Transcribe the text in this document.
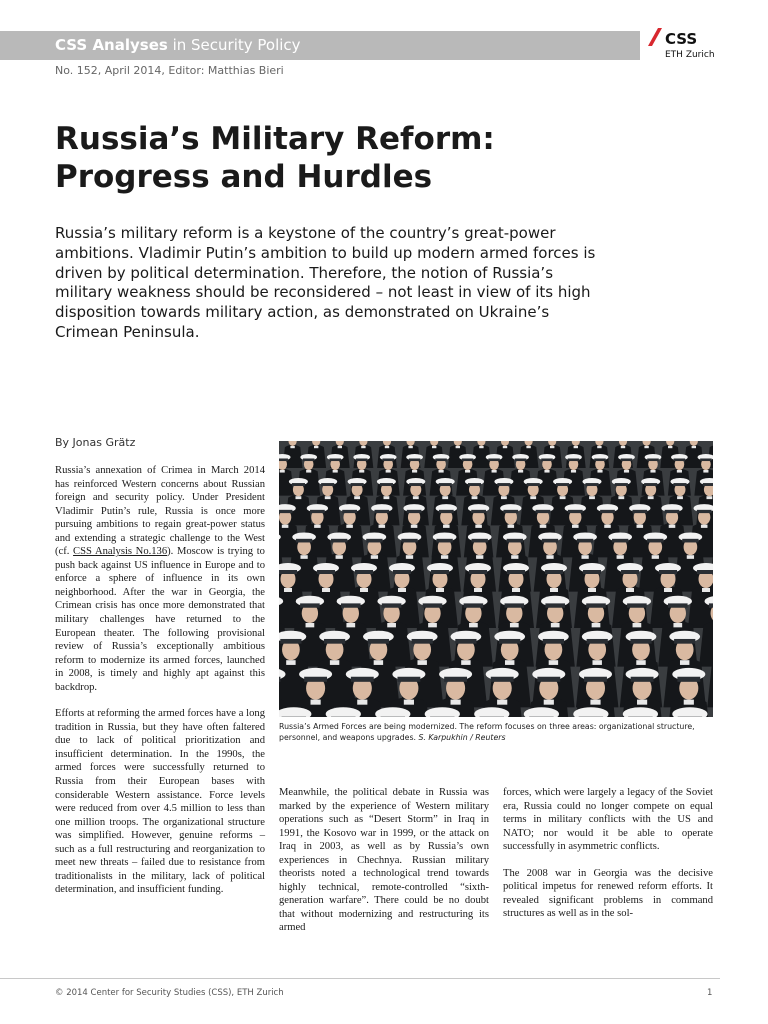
CSS Analyses in Security Policy	CSS
ETH Zurich
No. 152, April 2014, Editor: Matthias Bieri
Russia’s Military Reform:
Progress and Hurdles

Russia’s military reform is a keystone of the country’s great-power ambitions. Vladimir Putin’s ambition to build up modern armed forces is driven by political determination. Therefore, the notion of Russia’s military weakness should be reconsidered – not least in view of its high disposition towards military action, as demonstrated on Ukraine’s Crimean Peninsula.

By Jonas Grätz

Russia’s annexation of Crimea in March 2014 has reinforced Western concerns about Russian foreign and security policy. Under President Vladimir Putin’s rule, Russia is once more pursuing ambitions to regain great-power status and extending a strategic challenge to the West (cf. CSS Analysis No.136). Moscow is trying to push back against US influence in Europe and to enforce a sphere of influence in its own neighborhood. After the war in Georgia, the Crimean crisis has once more demonstrated that military challenges have returned to the European theater. The following provisional review of Russia’s exceptionally ambitious reform to modernize its armed forces, launched in 2008, is timely and highly apt against this backdrop.

Efforts at reforming the armed forces have a long tradition in Russia, but they have often faltered due to lack of political prioritization and insufficient determination. In the 1990s, the armed forces were successfully returned to Russia from their European bases with considerable Western assistance. Force levels were reduced from over 4.5 million to less than one million troops. The organizational structure was simplified. However, genuine reforms – such as a full restructuring and reorganization to meet new threats – failed due to resistance from traditionalists in the military, lack of political determination, and insufficient funding.

Russia’s Armed Forces are being modernized. The reform focuses on three areas: organizational structure, personnel, and weapons upgrades. S. Karpukhin / Reuters

Meanwhile, the political debate in Russia was marked by the experience of Western military operations such as “Desert Storm” in Iraq in 1991, the Kosovo war in 1999, or the attack on Iraq in 2003, as well as by Russia’s own experiences in Chechnya. Russian military theorists noted a technological trend towards highly technical, remote-controlled “sixth-generation warfare”. There could be no doubt that without modernizing and restructuring its armed

forces, which were largely a legacy of the Soviet era, Russia could no longer compete on equal terms in military conflicts with the US and NATO; nor would it be able to operate successfully in asymmetric conflicts.

The 2008 war in Georgia was the decisive political impetus for renewed reform efforts. It revealed significant problems in command structures as well as in the sol-

© 2014 Center for Security Studies (CSS), ETH Zurich	1
